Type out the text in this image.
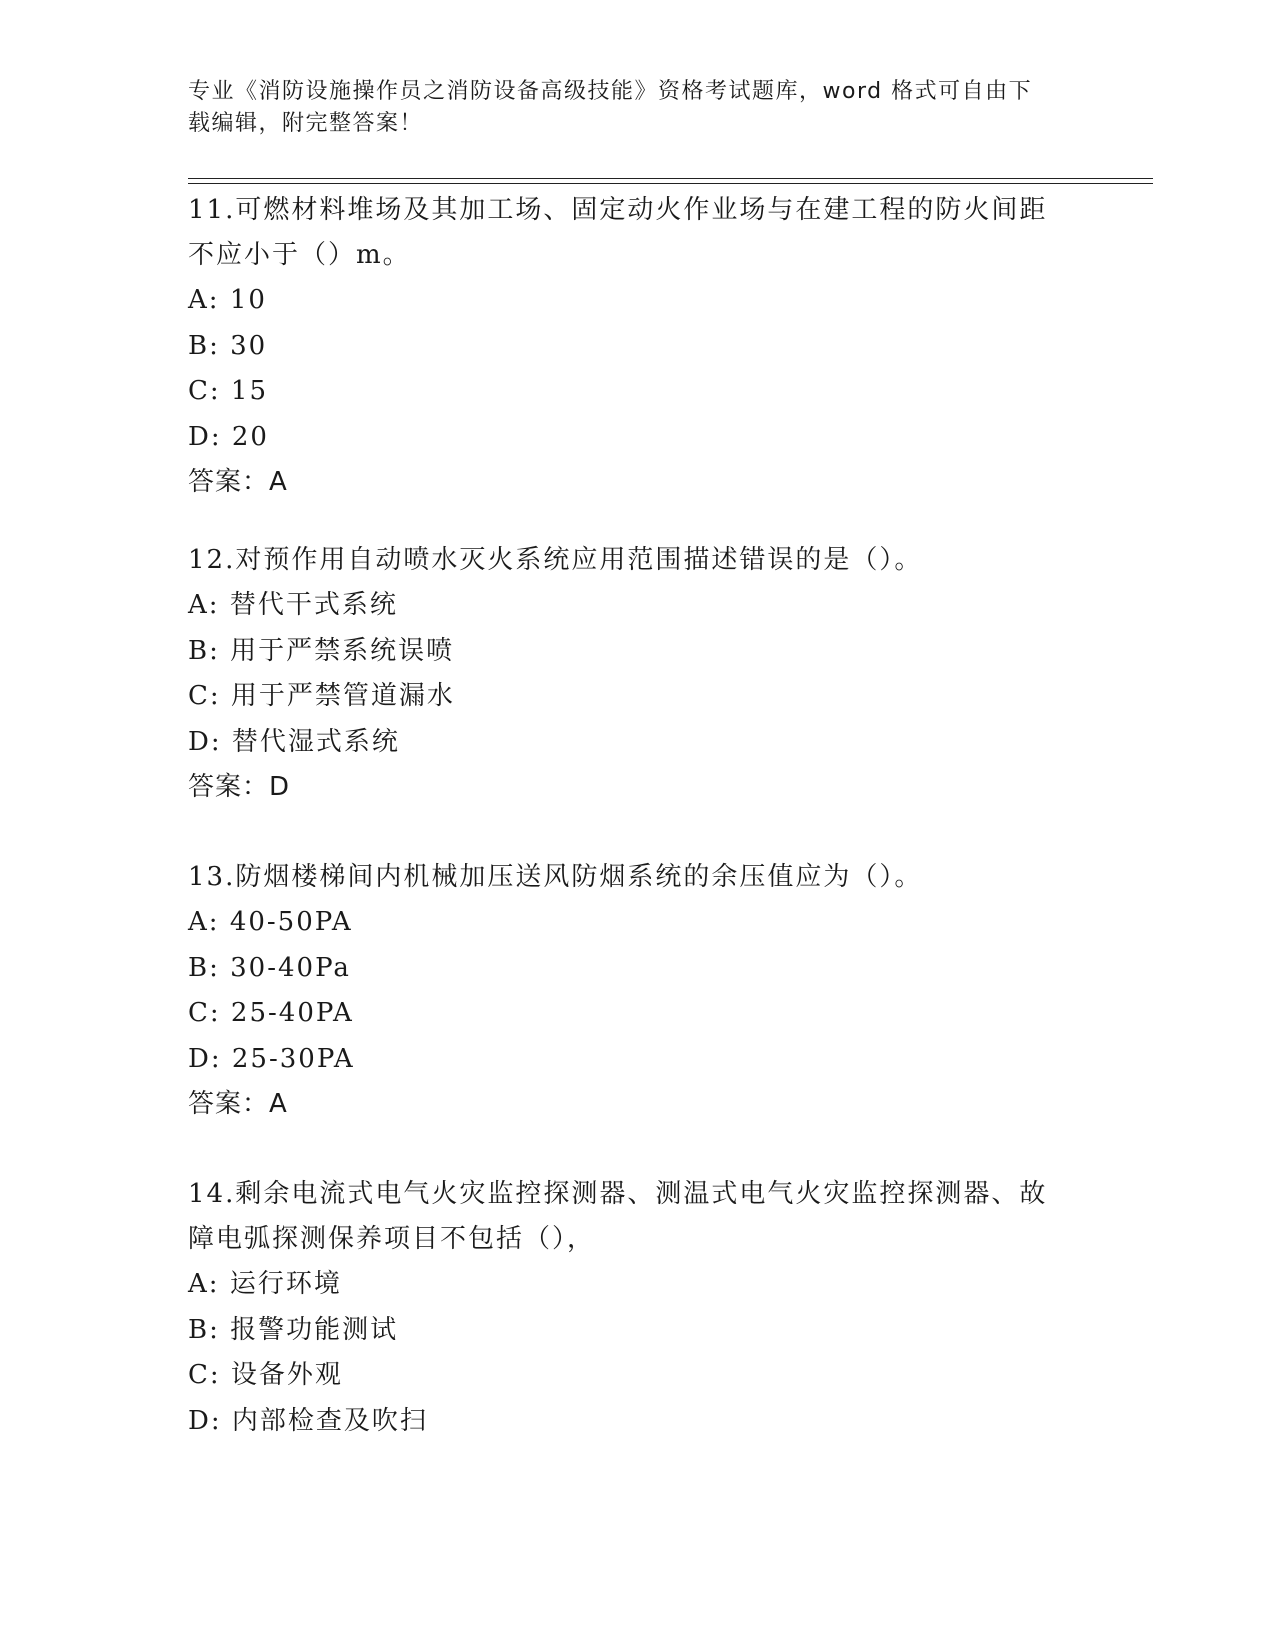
专业《消防设施操作员之消防设备高级技能》资格考试题库，word 格式可自由下
载编辑，附完整答案！

11.可燃材料堆场及其加工场、固定动火作业场与在建工程的防火间距

不应小于（）m。

A: 10

B: 30

C: 15

D: 20

答案：A

12.对预作用自动喷水灭火系统应用范围描述错误的是（）。

A: 替代干式系统

B: 用于严禁系统误喷

C: 用于严禁管道漏水

D: 替代湿式系统

答案：D

13.防烟楼梯间内机械加压送风防烟系统的余压值应为（）。

A: 40-50PA

B: 30-40Pa

C: 25-40PA

D: 25-30PA

答案：A

14.剩余电流式电气火灾监控探测器、测温式电气火灾监控探测器、故

障电弧探测保养项目不包括（），

A: 运行环境

B: 报警功能测试

C: 设备外观

D: 内部检查及吹扫
